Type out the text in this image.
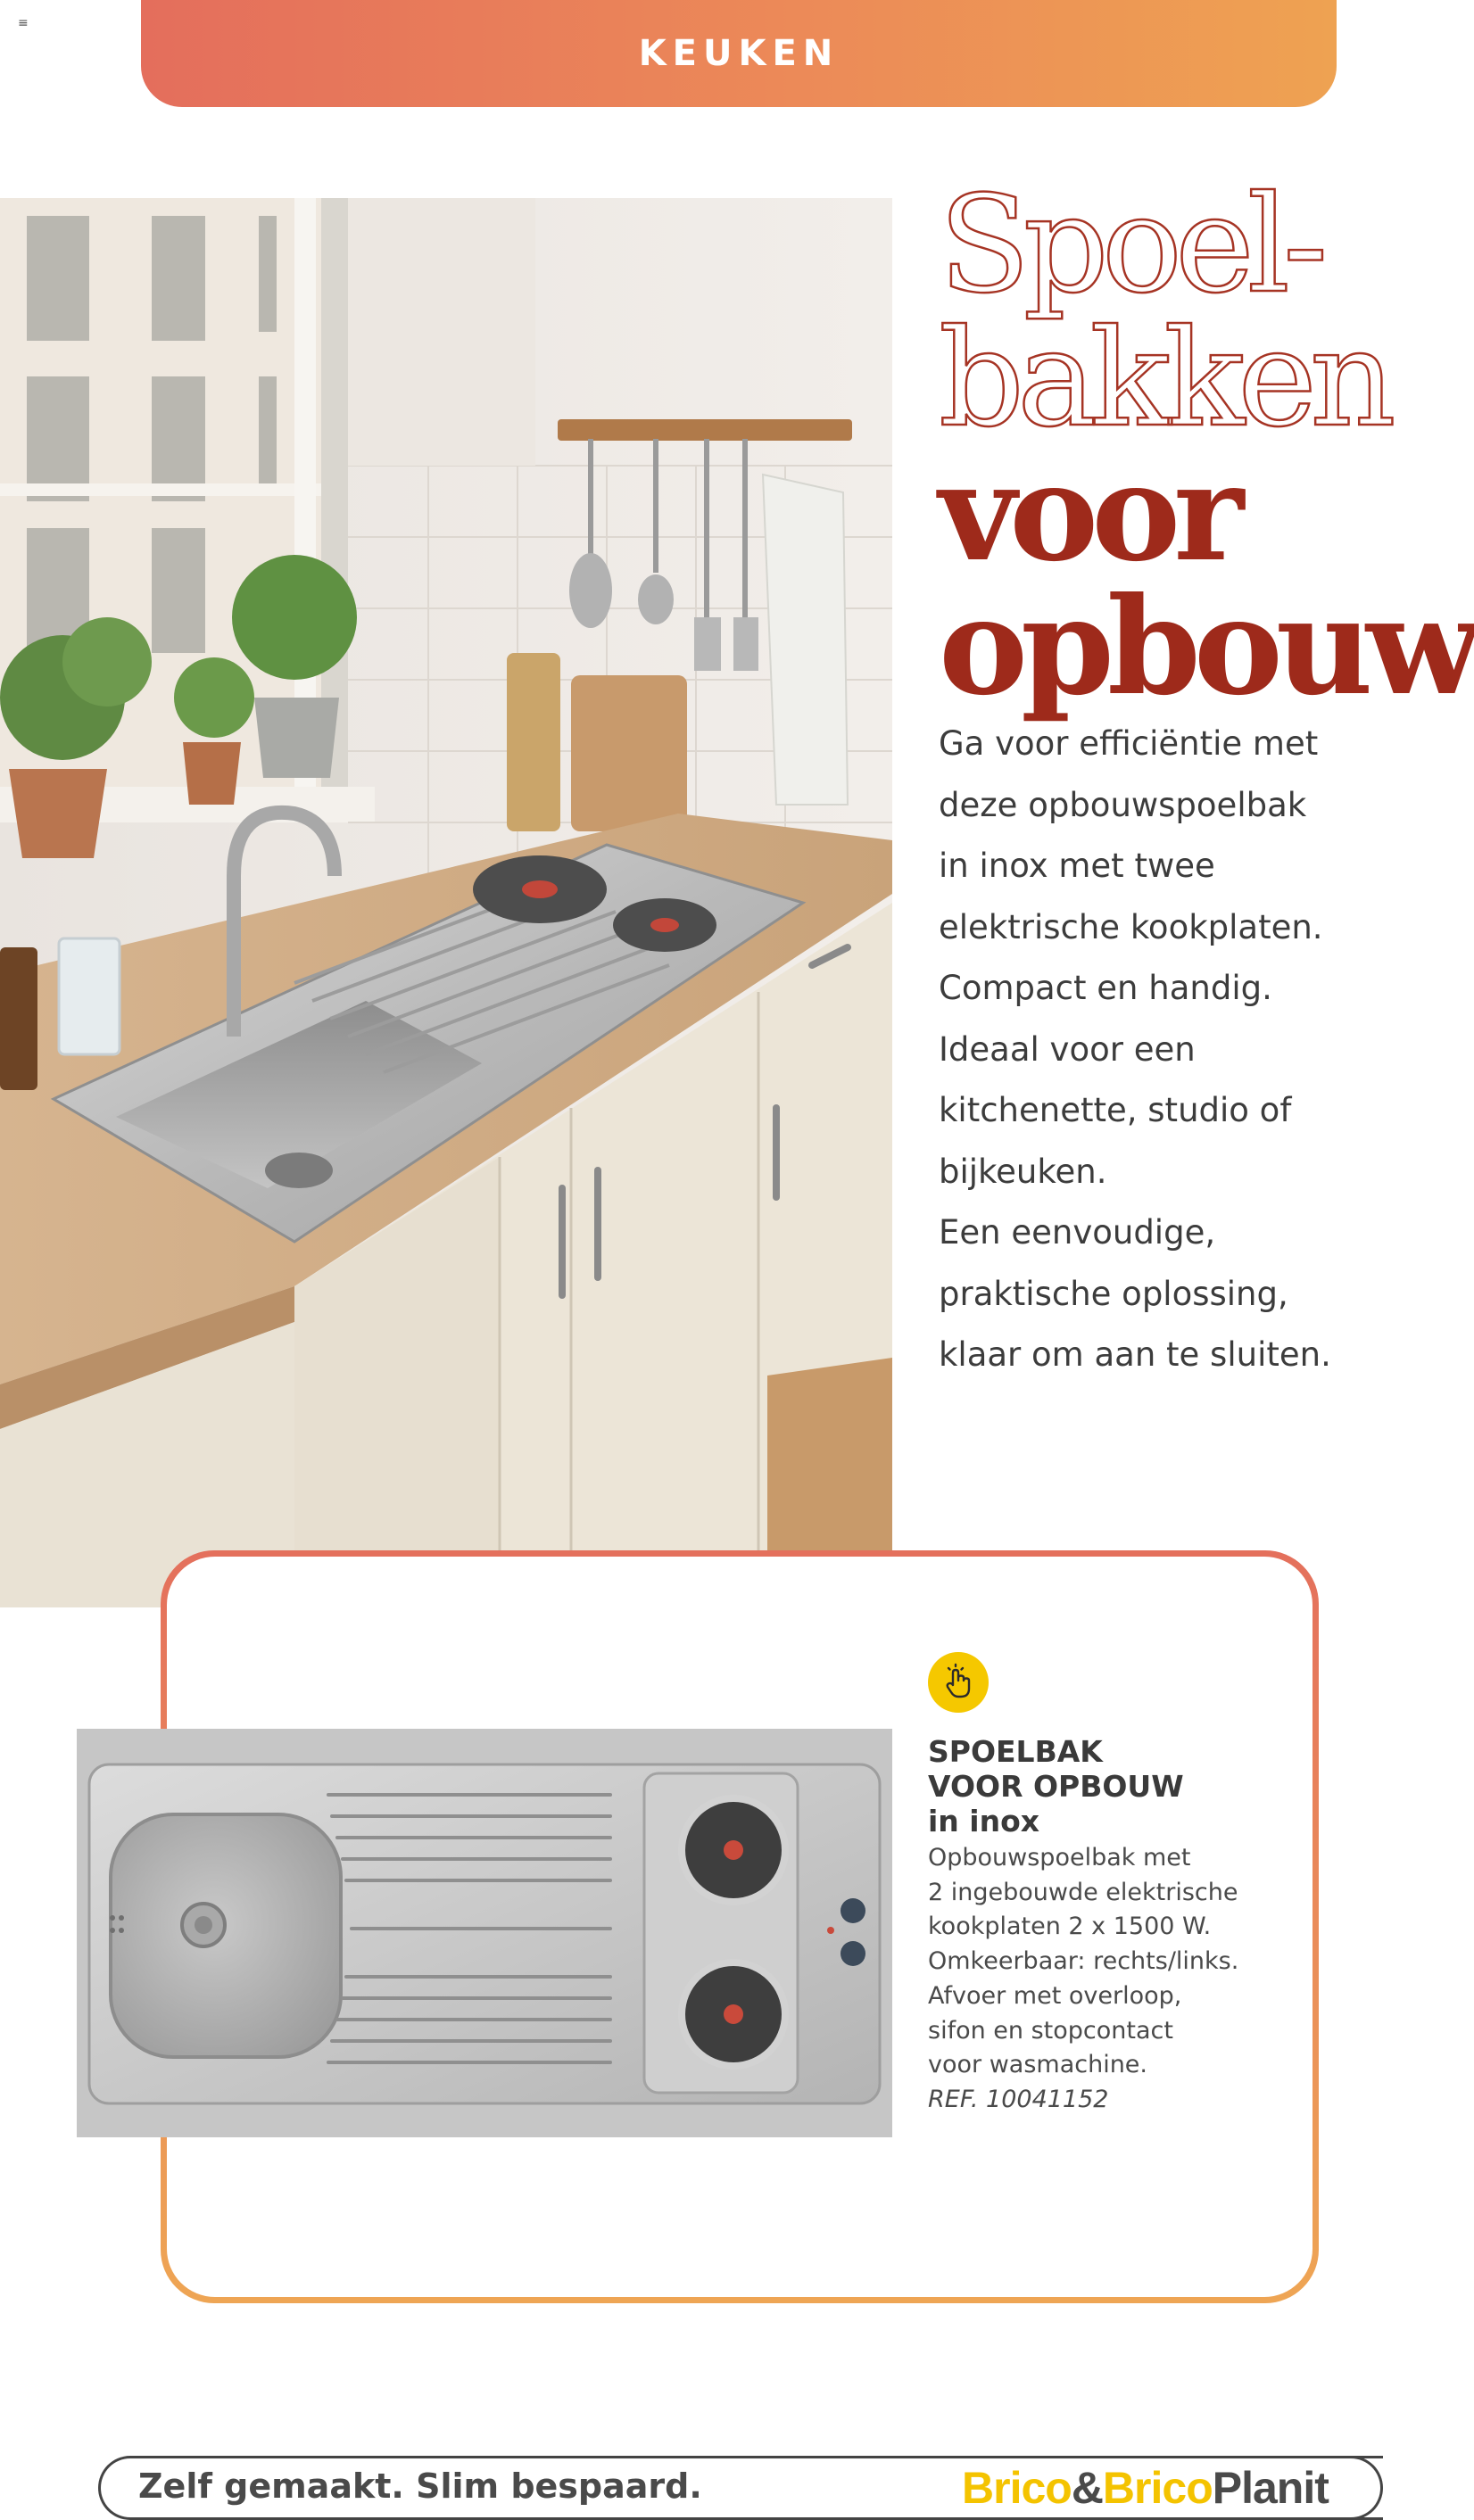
≡
KEUKEN
Spoel-
bakken
voor
opbouw

Ga voor efficiëntie met

deze opbouwspoelbak

in inox met twee

elektrische kookplaten.

Compact en handig.

Ideaal voor een

kitchenette, studio of

bijkeuken.

Een eenvoudige,

praktische oplossing,

klaar om aan te sluiten.

SPOELBAK
VOOR OPBOUW
in inox
Opbouwspoelbak met
2 ingebouwde elektrische
kookplaten 2 x 1500 W.
Omkeerbaar: rechts/links.
Afvoer met overloop,
sifon en stopcontact
voor wasmachine.
REF. 10041152
Zelf gemaakt. Slim bespaard.	Brico&BricoPlanit
